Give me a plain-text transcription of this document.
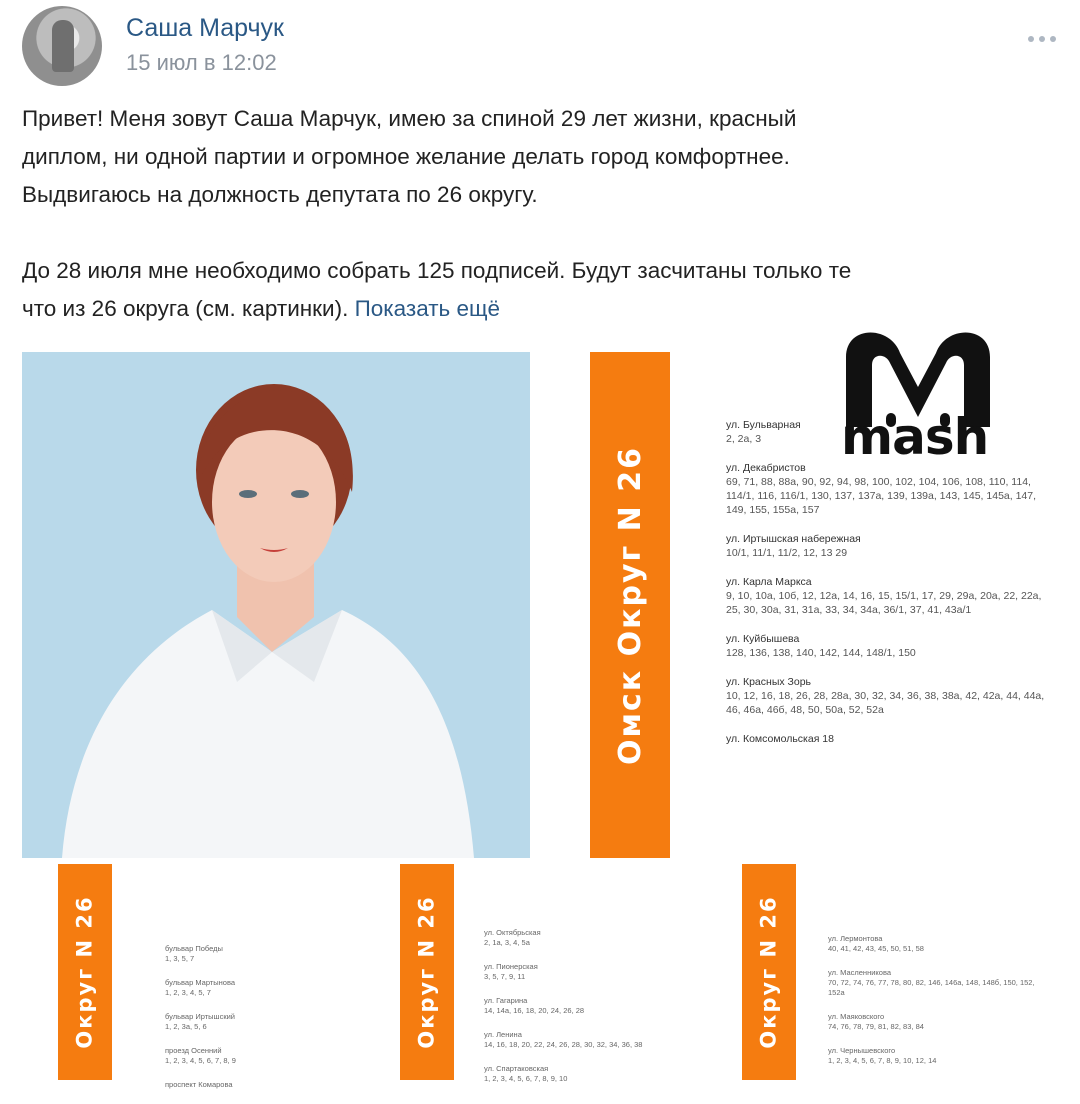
Саша Марчук
15 июл в 12:02

Привет! Меня зовут Саша Марчук, имею за спиной 29 лет жизни, красный
диплом, ни одной партии и огромное желание делать город комфортнее.
Выдвигаюсь на должность депутата по 26 округу.

До 28 июля мне необходимо собрать 125 подписей. Будут засчитаны только те
что из 26 округа (см. картинки). Показать ещё

Омск Округ N 26
ул. Бульварная
2, 2а, 3
ул. Декабристов
69, 71, 88, 88а, 90, 92, 94, 98, 100, 102, 104, 106, 108, 110, 114, 114/1, 116, 116/1, 130, 137, 137а, 139, 139а, 143, 145, 145а, 147, 149, 155, 155а, 157
ул. Иртышская набережная
10/1, 11/1, 11/2, 12, 13 29
ул. Карла Маркса
9, 10, 10а, 10б, 12, 12а, 14, 16, 15, 15/1, 17, 29, 29а, 20а, 22, 22а, 25, 30, 30а, 31, 31а, 33, 34, 34а, 36/1, 37, 41, 43а/1
ул. Куйбышева
128, 136, 138, 140, 142, 144, 148/1, 150
ул. Красных Зорь
10, 12, 16, 18, 26, 28, 28а, 30, 32, 34, 36, 38, 38а, 42, 42а, 44, 44а, 46, 46а, 46б, 48, 50, 50а, 52, 52а
ул. Комсомольская 18
mash
Округ N 26	Округ N 26	Округ N 26
бульвар Победы
1, 3, 5, 7
бульвар Мартынова
1, 2, 3, 4, 5, 7
бульвар Иртышский
1, 2, 3а, 5, 6
проезд Осенний
1, 2, 3, 4, 5, 6, 7, 8, 9
проспект Комарова
ул. Октябрьская
2, 1а, 3, 4, 5а
ул. Пионерская
3, 5, 7, 9, 11
ул. Гагарина
14, 14а, 16, 18, 20, 24, 26, 28
ул. Ленина
14, 16, 18, 20, 22, 24, 26, 28, 30, 32, 34, 36, 38
ул. Спартаковская
1, 2, 3, 4, 5, 6, 7, 8, 9, 10
ул. Лермонтова
40, 41, 42, 43, 45, 50, 51, 58
ул. Масленникова
70, 72, 74, 76, 77, 78, 80, 82, 146, 146а, 148, 148б, 150, 152, 152а
ул. Маяковского
74, 76, 78, 79, 81, 82, 83, 84
ул. Чернышевского
1, 2, 3, 4, 5, 6, 7, 8, 9, 10, 12, 14
